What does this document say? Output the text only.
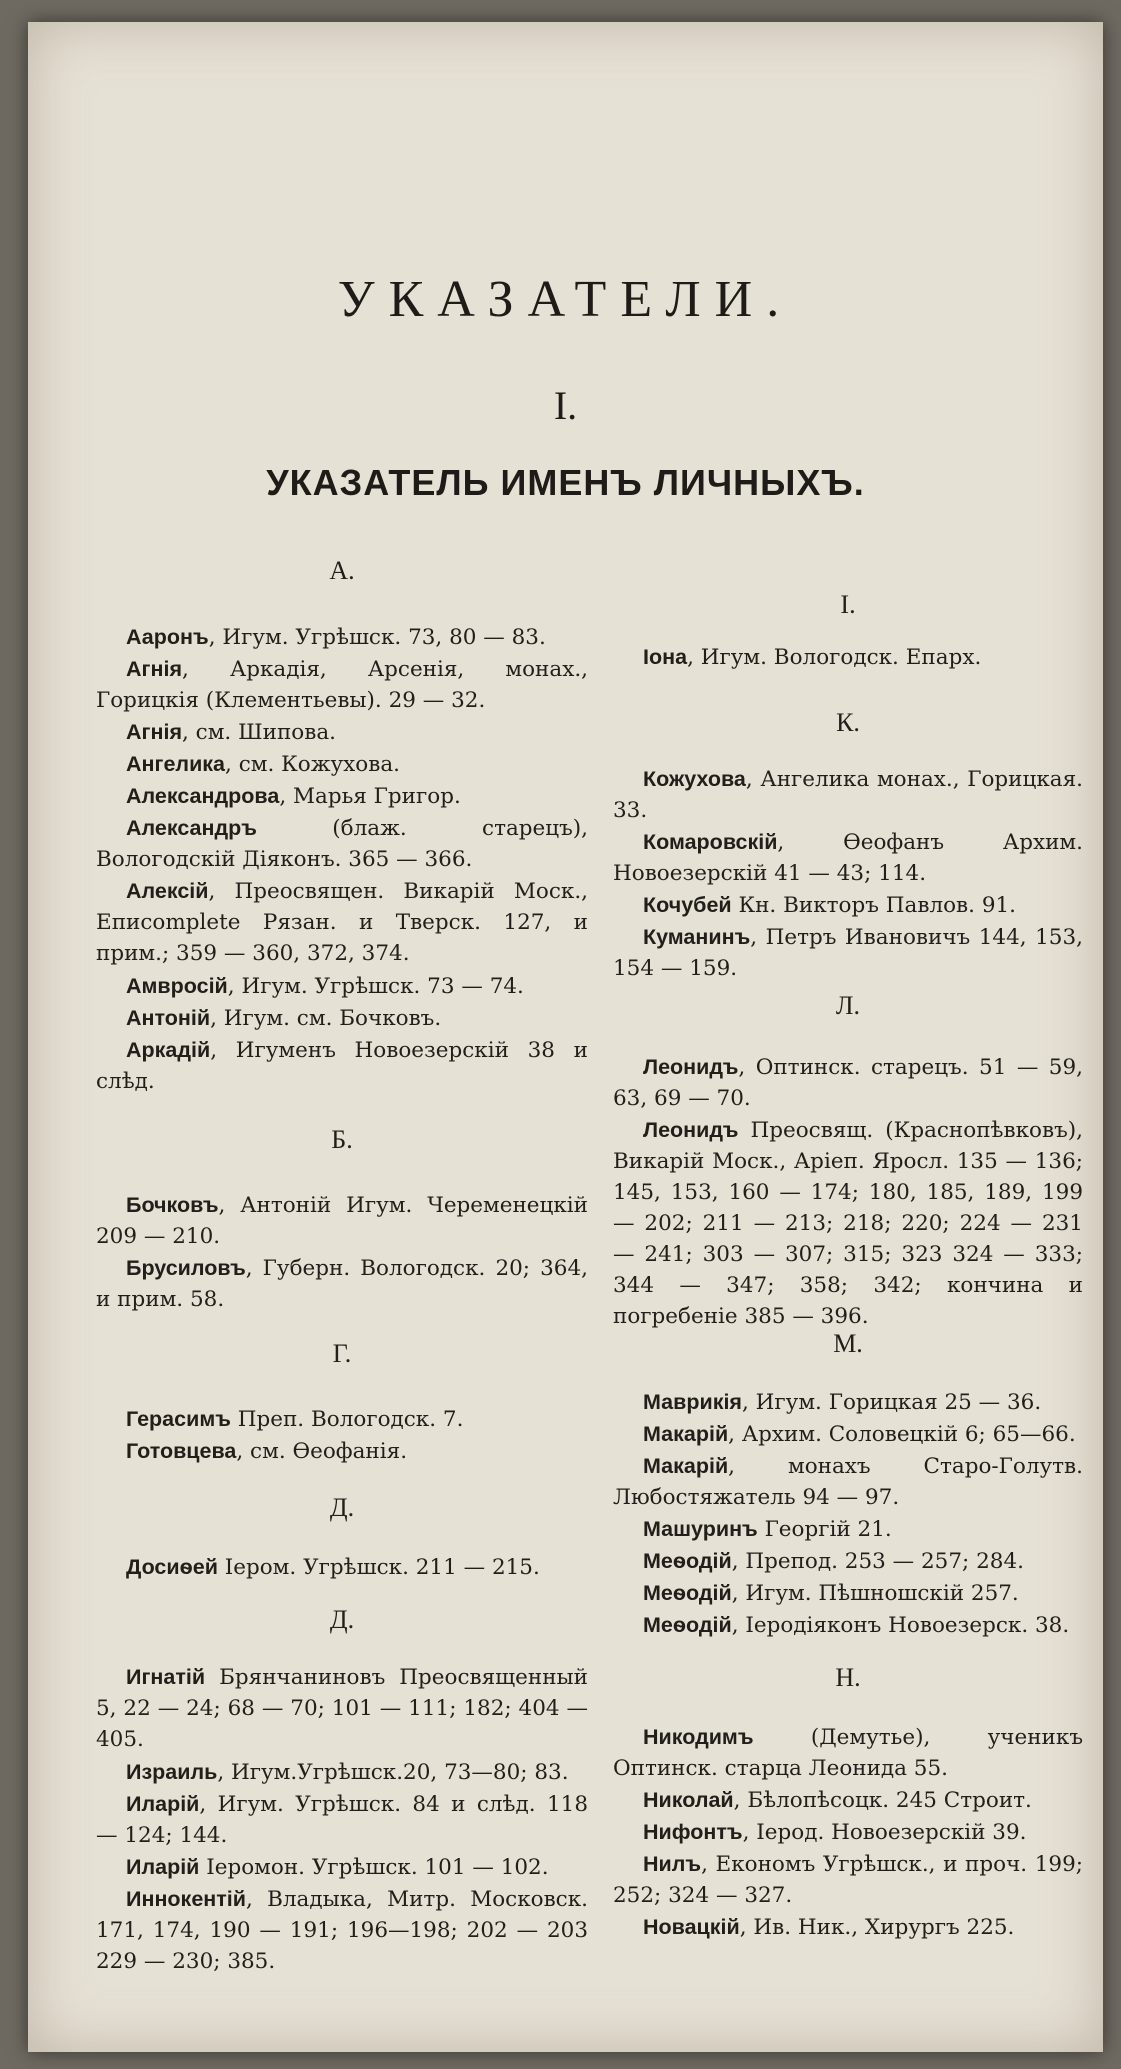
УКАЗАТЕЛИ.
I.
УКАЗАТЕЛЬ ИМЕНЪ ЛИЧНЫХЪ.
А.
Ааронъ, Игум. Угрѣшск. 73, 80 — 83.
Агнія, Аркадія, Арсенія, монах., Горицкія (Клементьевы). 29 — 32.
Агнія, см. Шипова.
Ангелика, см. Кожухова.
Александрова, Марья Григор.
Александръ (блаж. старецъ), Вологодскій Діяконъ. 365 — 366.
Алексій, Преосвящен. Викарій Моск., Епиcomplete Рязан. и Тверск. 127, и прим.; 359 — 360, 372, 374.
Амвросій, Игум. Угрѣшск. 73 — 74.
Антоній, Игум. см. Бочковъ.
Аркадій, Игуменъ Новоезерскій 38 и слѣд.
Б.
Бочковъ, Антоній Игум. Череменецкій 209 — 210.
Брусиловъ, Губерн. Вологодск. 20; 364, и прим. 58.
Г.
Герасимъ Преп. Вологодск. 7.
Готовцева, см. Ѳеофанія.
Д.
Досиѳей Іером. Угрѣшск. 211 — 215.
Д.
Игнатій Брянчаниновъ Преосвященный 5, 22 — 24; 68 — 70; 101 — 111; 182; 404 — 405.
Израиль, Игум.Угрѣшск.20, 73—80; 83.
Иларій, Игум. Угрѣшск. 84 и слѣд. 118 — 124; 144.
Иларій Іеромон. Угрѣшск. 101 — 102.
Иннокентій, Владыка, Митр. Московск. 171, 174, 190 — 191; 196—198; 202 — 203 229 — 230; 385.
І.
Іона, Игум. Вологодск. Епарх.
К.
Кожухова, Ангелика монах., Горицкая. 33.
Комаровскій, Ѳеофанъ Архим. Новоезерскій 41 — 43; 114.
Кочубей Кн. Викторъ Павлов. 91.
Куманинъ, Петръ Ивановичъ 144, 153, 154 — 159.
Л.
Леонидъ, Оптинск. старецъ. 51 — 59, 63, 69 — 70.
Леонидъ Преосвящ. (Краснопѣвковъ), Викарій Моск., Аріеп. Яросл. 135 — 136; 145, 153, 160 — 174; 180, 185, 189, 199 — 202; 211 — 213; 218; 220; 224 — 231 — 241; 303 — 307; 315; 323 324 — 333; 344 — 347; 358; 342; кончина и погребеніе 385 — 396.
М.
Маврикія, Игум. Горицкая 25 — 36.
Макарій, Архим. Соловецкій 6; 65—66.
Макарій, монахъ Старо-Голутв. Любостяжатель 94 — 97.
Машуринъ Георгій 21.
Меѳодій, Препод. 253 — 257; 284.
Меѳодій, Игум. Пѣшношскій 257.
Меѳодій, Іеродіяконъ Новоезерск. 38.
Н.
Никодимъ (Демутье), ученикъ Оптинск. старца Леонида 55.
Николай, Бѣлопѣсоцк. 245 Строит.
Нифонтъ, Іерод. Новоезерскій 39.
Нилъ, Економъ Угрѣшск., и проч. 199; 252; 324 — 327.
Новацкій, Ив. Ник., Хирургъ 225.
